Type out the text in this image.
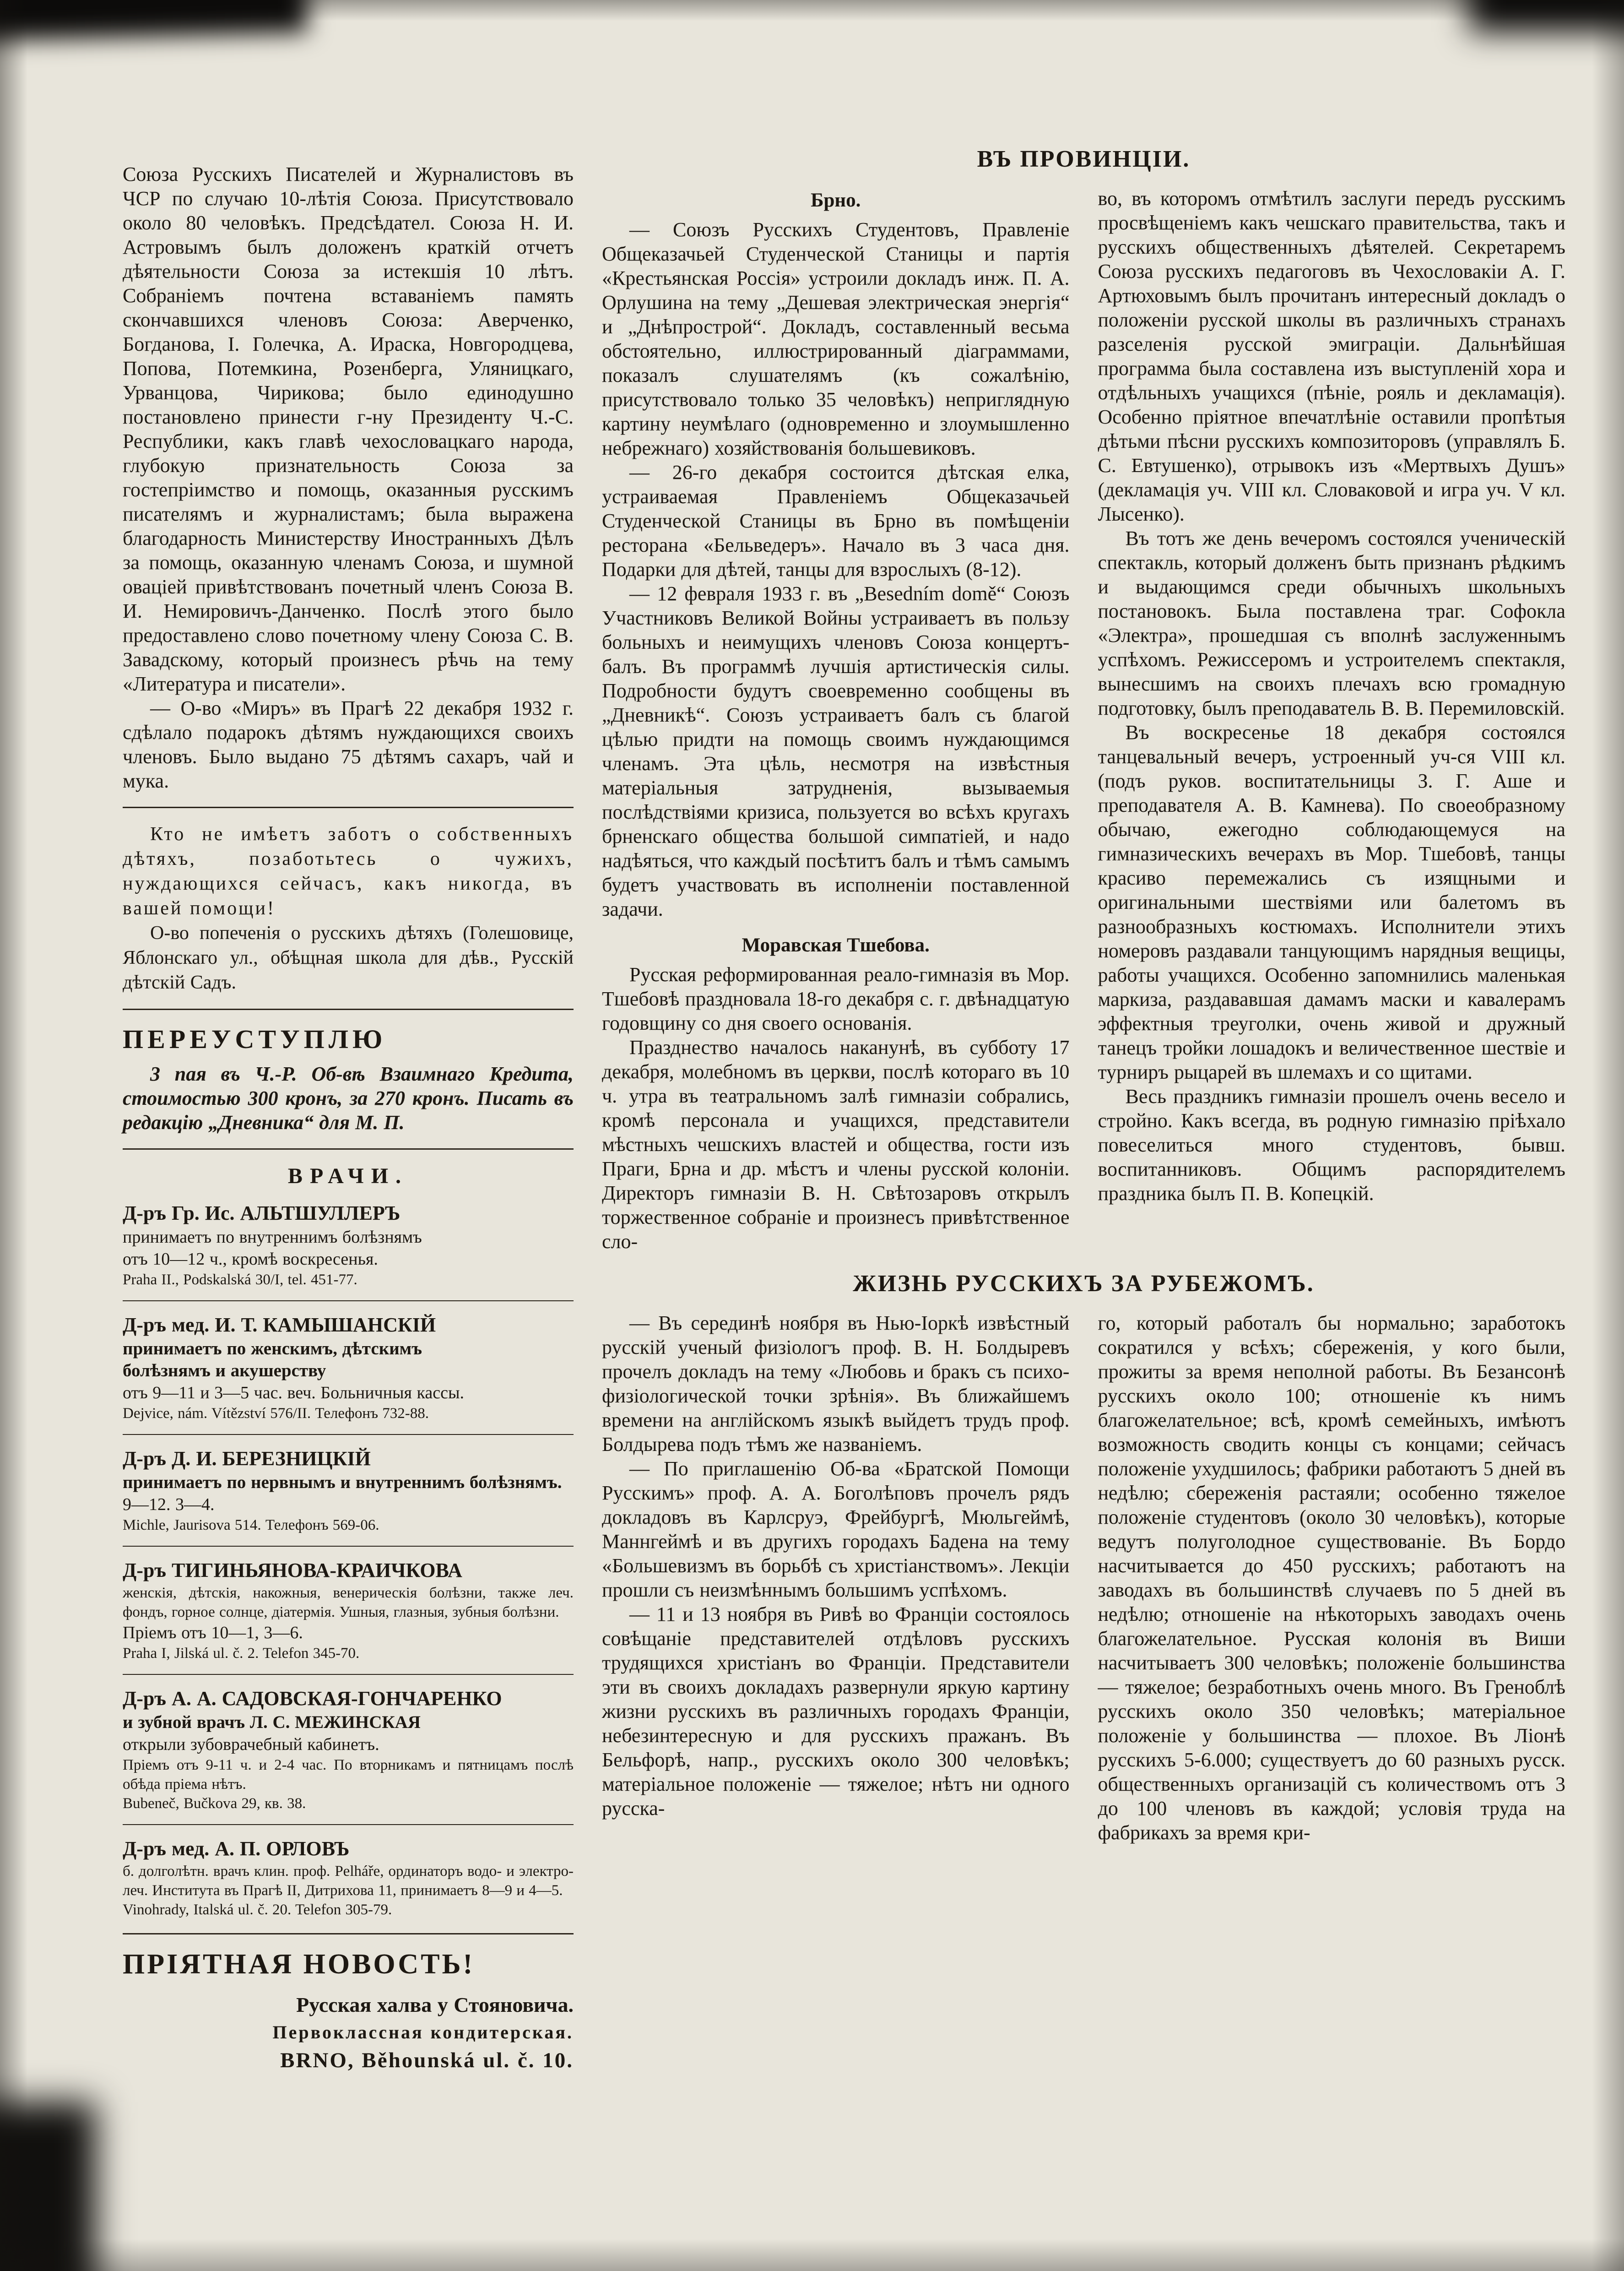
Союза Русскихъ Писателей и Журналистовъ въ ЧСР по случаю 10-лѣтія Союза. Присутствовало около 80 человѣкъ. Предсѣдател. Союза Н. И. Астровымъ былъ доложенъ краткій отчетъ дѣятельности Союза за истекшія 10 лѣтъ. Собраніемъ почтена вставаніемъ память скончавшихся членовъ Союза: Аверченко, Богданова, І. Голечка, А. Ираска, Новгородцева, Попова, Потемкина, Розенберга, Уляницкаго, Урванцова, Чирикова; было единодушно постановлено принести г-ну Президенту Ч.-С. Республики, какъ главѣ чехословацкаго народа, глубокую признательность Союза за гостепріимство и помощь, оказанныя русскимъ писателямъ и журналистамъ; была выражена благодарность Министерству Иностранныхъ Дѣлъ за помощь, оказанную членамъ Союза, и шумной оваціей привѣтствованъ почетный членъ Союза В. И. Немировичъ-Данченко. Послѣ этого было предоставлено слово почетному члену Союза С. В. Завадскому, который произнесъ рѣчь на тему «Литература и писатели».

— О-во «Миръ» въ Прагѣ 22 декабря 1932 г. сдѣлало подарокъ дѣтямъ нуждающихся своихъ членовъ. Было выдано 75 дѣтямъ сахаръ, чай и мука.

Кто не имѣетъ заботъ о собственныхъ дѣтяхъ, позаботьтесь о чужихъ, нуждающихся сейчасъ, какъ никогда, въ вашей помощи!

О-во попеченія о русскихъ дѣтяхъ (Голешовице, Яблонскаго ул., обѣщная школа для дѣв., Русскій дѣтскій Садъ.

ПЕРЕУСТУПЛЮ

3 пая въ Ч.-Р. Об-вѣ Взаимнаго Кредита, стоимостью 300 кронъ, за 270 кронъ. Писать въ редакцію „Дневника“ для М. П.

ВРАЧИ.

Д-ръ Гр. Ис. АЛЬТШУЛЛЕРЪ

принимаетъ по внутреннимъ болѣзнямъ

отъ 10—12 ч., кромѣ воскресенья.

Praha II., Podskalská 30/I, tel. 451-77.

Д-ръ мед. И. Т. КАМЫШАНСКІЙ

принимаетъ по женскимъ, дѣтскимъ

болѣзнямъ и акушерству

отъ 9—11 и 3—5 час. веч. Больничныя кассы.

Dejvice, nám. Vítězství 576/II. Телефонъ 732-88.

Д-ръ Д. И. БЕРЕЗНИЦКІЙ

принимаетъ по нервнымъ и внутреннимъ болѣзнямъ.

9—12. 3—4.

Michle, Jaurisova 514. Телефонъ 569-06.

Д-ръ ТИГИНЬЯНОВА-КРАИЧКОВА

женскія, дѣтскія, накожныя, венерическія болѣзни, также леч. фондъ, горное солнце, діатермія. Ушныя, глазныя, зубныя болѣзни.

Пріемъ отъ 10—1, 3—6.

Praha I, Jilská ul. č. 2. Telefon 345-70.

Д-ръ А. А. САДОВСКАЯ-ГОНЧАРЕНКО

и зубной врачъ Л. С. МЕЖИНСКАЯ

открыли зубоврачебный кабинетъ.

Пріемъ отъ 9-11 ч. и 2-4 час. По вторникамъ и пятницамъ послѣ обѣда пріема нѣтъ.

Bubeneč, Bučkova 29, кв. 38.

Д-ръ мед. А. П. ОРЛОВЪ

б. долголѣтн. врачъ клин. проф. Pelháře, ординаторъ водо- и электро-леч. Института въ Прагѣ II, Дитрихова 11, принимаетъ 8—9 и 4—5.

Vinohrady, Italská ul. č. 20. Telefon 305-79.

ПРІЯТНАЯ НОВОСТЬ!

Русская халва у Стояновича.

Первоклассная кондитерская.

BRNO, Běhounská ul. č. 10.

ВЪ ПРОВИНЦІИ.
Брно.

— Союзъ Русскихъ Студентовъ, Правленіе Общеказачьей Студенческой Станицы и партія «Крестьянская Россія» устроили докладъ инж. П. А. Орлушина на тему „Дешевая электрическая энергія“ и „Днѣпрострой“. Докладъ, составленный весьма обстоятельно, иллюстрированный діаграммами, показалъ слушателямъ (къ сожалѣнію, присутствовало только 35 человѣкъ) неприглядную картину неумѣлаго (одновременно и злоумышленно небрежнаго) хозяйствованія большевиковъ.

— 26-го декабря состоится дѣтская елка, устраиваемая Правленіемъ Общеказачьей Студенческой Станицы въ Брно въ помѣщеніи ресторана «Бельведеръ». Начало въ 3 часа дня. Подарки для дѣтей, танцы для взрослыхъ (8-12).

— 12 февраля 1933 г. въ „Besedním domě“ Союзъ Участниковъ Великой Войны устраиваетъ въ пользу больныхъ и неимущихъ членовъ Союза концертъ-балъ. Въ программѣ лучшія артистическія силы. Подробности будутъ своевременно сообщены въ „Дневникѣ“. Союзъ устраиваетъ балъ съ благой цѣлью придти на помощь своимъ нуждающимся членамъ. Эта цѣль, несмотря на извѣстныя матеріальныя затрудненія, вызываемыя послѣдствіями кризиса, пользуется во всѣхъ кругахъ брненскаго общества большой симпатіей, и надо надѣяться, что каждый посѣтитъ балъ и тѣмъ самымъ будетъ участвовать въ исполненіи поставленной задачи.

Моравская Тшебова.

Русская реформированная реало-гимназія въ Мор. Тшебовѣ праздновала 18-го декабря с. г. двѣнадцатую годовщину со дня своего основанія.

Празднество началось наканунѣ, въ субботу 17 декабря, молебномъ въ церкви, послѣ котораго въ 10 ч. утра въ театральномъ залѣ гимназіи собрались, кромѣ персонала и учащихся, представители мѣстныхъ чешскихъ властей и общества, гости изъ Праги, Брна и др. мѣстъ и члены русской колоніи. Директоръ гимназіи В. Н. Свѣтозаровъ открылъ торжественное собраніе и произнесъ привѣтственное сло-

во, въ которомъ отмѣтилъ заслуги передъ русскимъ просвѣщеніемъ какъ чешскаго правительства, такъ и русскихъ общественныхъ дѣятелей. Секретаремъ Союза русскихъ педагоговъ въ Чехословакіи А. Г. Артюховымъ былъ прочитанъ интересный докладъ о положеніи русской школы въ различныхъ странахъ разселенія русской эмиграціи. Дальнѣйшая программа была составлена изъ выступленій хора и отдѣльныхъ учащихся (пѣніе, рояль и декламація). Особенно пріятное впечатлѣніе оставили пропѣтыя дѣтьми пѣсни русскихъ композиторовъ (управлялъ Б. С. Евтушенко), отрывокъ изъ «Мертвыхъ Душъ» (декламація уч. VIII кл. Словаковой и игра уч. V кл. Лысенко).

Въ тотъ же день вечеромъ состоялся ученическій спектакль, который долженъ быть признанъ рѣдкимъ и выдающимся среди обычныхъ школьныхъ постановокъ. Была поставлена траг. Софокла «Электра», прошедшая съ вполнѣ заслуженнымъ успѣхомъ. Режиссеромъ и устроителемъ спектакля, вынесшимъ на своихъ плечахъ всю громадную подготовку, былъ преподаватель В. В. Перемиловскій.

Въ воскресенье 18 декабря состоялся танцевальный вечеръ, устроенный уч-ся VIII кл. (подъ руков. воспитательницы З. Г. Аше и преподавателя А. В. Камнева). По своеобразному обычаю, ежегодно соблюдающемуся на гимназическихъ вечерахъ въ Мор. Тшебовѣ, танцы красиво перемежались съ изящными и оригинальными шествіями или балетомъ въ разнообразныхъ костюмахъ. Исполнители этихъ номеровъ раздавали танцующимъ нарядныя вещицы, работы учащихся. Особенно запомнились маленькая маркиза, раздававшая дамамъ маски и кавалерамъ эффектныя треуголки, очень живой и дружный танецъ тройки лошадокъ и величественное шествіе и турниръ рыцарей въ шлемахъ и со щитами.

Весь праздникъ гимназіи прошелъ очень весело и стройно. Какъ всегда, въ родную гимназію пріѣхало повеселиться много студентовъ, бывш. воспитанниковъ. Общимъ распорядителемъ праздника былъ П. В. Копецкій.

ЖИЗНЬ РУССКИХЪ ЗА РУБЕЖОМЪ.

— Въ серединѣ ноября въ Нью-Іоркѣ извѣстный русскій ученый физіологъ проф. В. Н. Болдыревъ прочелъ докладъ на тему «Любовь и бракъ съ психо-физіологической точки зрѣнія». Въ ближайшемъ времени на англійскомъ языкѣ выйдетъ трудъ проф. Болдырева подъ тѣмъ же названіемъ.

— По приглашенію Об-ва «Братской Помощи Русскимъ» проф. А. А. Боголѣповъ прочелъ рядъ докладовъ въ Карлсруэ, Фрейбургѣ, Мюльгеймѣ, Маннгеймѣ и въ другихъ городахъ Бадена на тему «Большевизмъ въ борьбѣ съ христіанствомъ». Лекціи прошли съ неизмѣннымъ большимъ успѣхомъ.

— 11 и 13 ноября въ Ривѣ во Франціи состоялось совѣщаніе представителей отдѣловъ русскихъ трудящихся христіанъ во Франціи. Представители эти въ своихъ докладахъ развернули яркую картину жизни русскихъ въ различныхъ городахъ Франціи, небезинтересную и для русскихъ пражанъ. Въ Бельфорѣ, напр., русскихъ около 300 человѣкъ; матеріальное положеніе — тяжелое; нѣтъ ни одного русска-

го, который работалъ бы нормально; заработокъ сократился у всѣхъ; сбереженія, у кого были, прожиты за время неполной работы. Въ Безансонѣ русскихъ около 100; отношеніе къ нимъ благожелательное; всѣ, кромѣ семейныхъ, имѣютъ возможность сводить концы съ концами; сейчасъ положеніе ухудшилось; фабрики работаютъ 5 дней въ недѣлю; сбереженія растаяли; особенно тяжелое положеніе студентовъ (около 30 человѣкъ), которые ведутъ полуголодное существованіе. Въ Бордо насчитывается до 450 русскихъ; работаютъ на заводахъ въ большинствѣ случаевъ по 5 дней въ недѣлю; отношеніе на нѣкоторыхъ заводахъ очень благожелательное. Русская колонія въ Виши насчитываетъ 300 человѣкъ; положеніе большинства — тяжелое; безработныхъ очень много. Въ Греноблѣ русскихъ около 350 человѣкъ; матеріальное положеніе у большинства — плохое. Въ Ліонѣ русскихъ 5-6.000; существуетъ до 60 разныхъ русск. общественныхъ организацій съ количествомъ отъ 3 до 100 членовъ въ каждой; условія труда на фабрикахъ за время кри-
